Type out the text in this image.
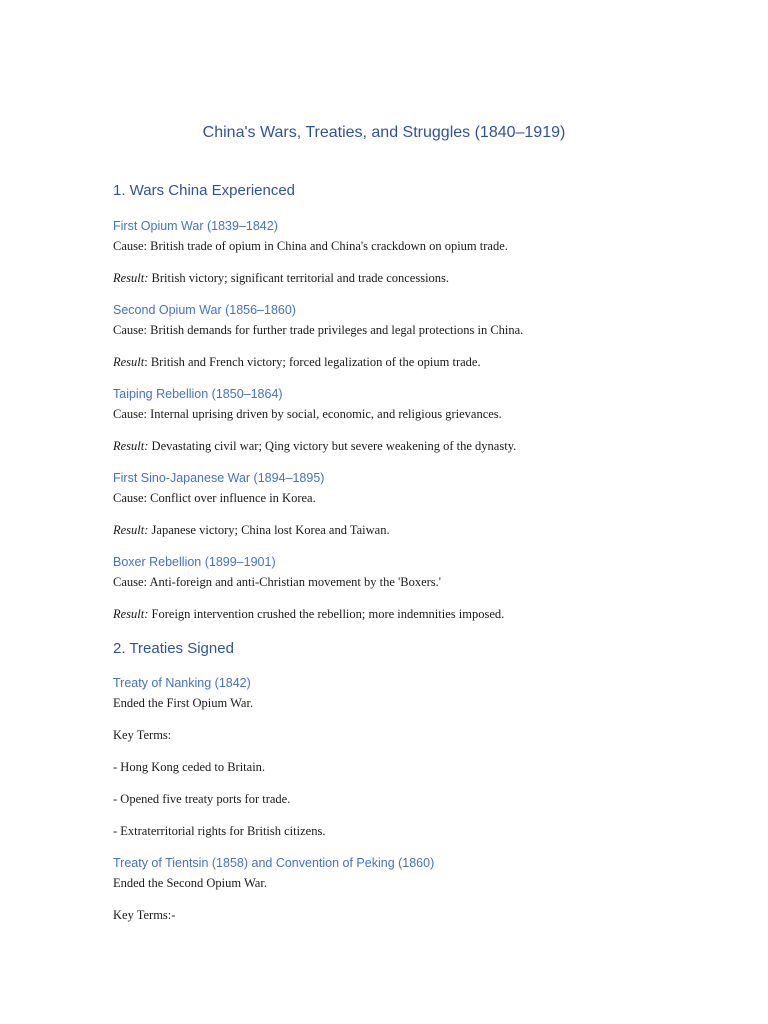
China's Wars, Treaties, and Struggles (1840–1919)
1. Wars China Experienced
First Opium War (1839–1842)

Cause: British trade of opium in China and China's crackdown on opium trade.

Result: British victory; significant territorial and trade concessions.

Second Opium War (1856–1860)

Cause: British demands for further trade privileges and legal protections in China.

Result: British and French victory; forced legalization of the opium trade.

Taiping Rebellion (1850–1864)

Cause: Internal uprising driven by social, economic, and religious grievances.

Result: Devastating civil war; Qing victory but severe weakening of the dynasty.

First Sino-Japanese War (1894–1895)

Cause: Conflict over influence in Korea.

Result: Japanese victory; China lost Korea and Taiwan.

Boxer Rebellion (1899–1901)

Cause: Anti-foreign and anti-Christian movement by the 'Boxers.'

Result: Foreign intervention crushed the rebellion; more indemnities imposed.

2. Treaties Signed
Treaty of Nanking (1842)

Ended the First Opium War.

Key Terms:

- Hong Kong ceded to Britain.

- Opened five treaty ports for trade.

- Extraterritorial rights for British citizens.

Treaty of Tientsin (1858) and Convention of Peking (1860)

Ended the Second Opium War.

Key Terms:-
